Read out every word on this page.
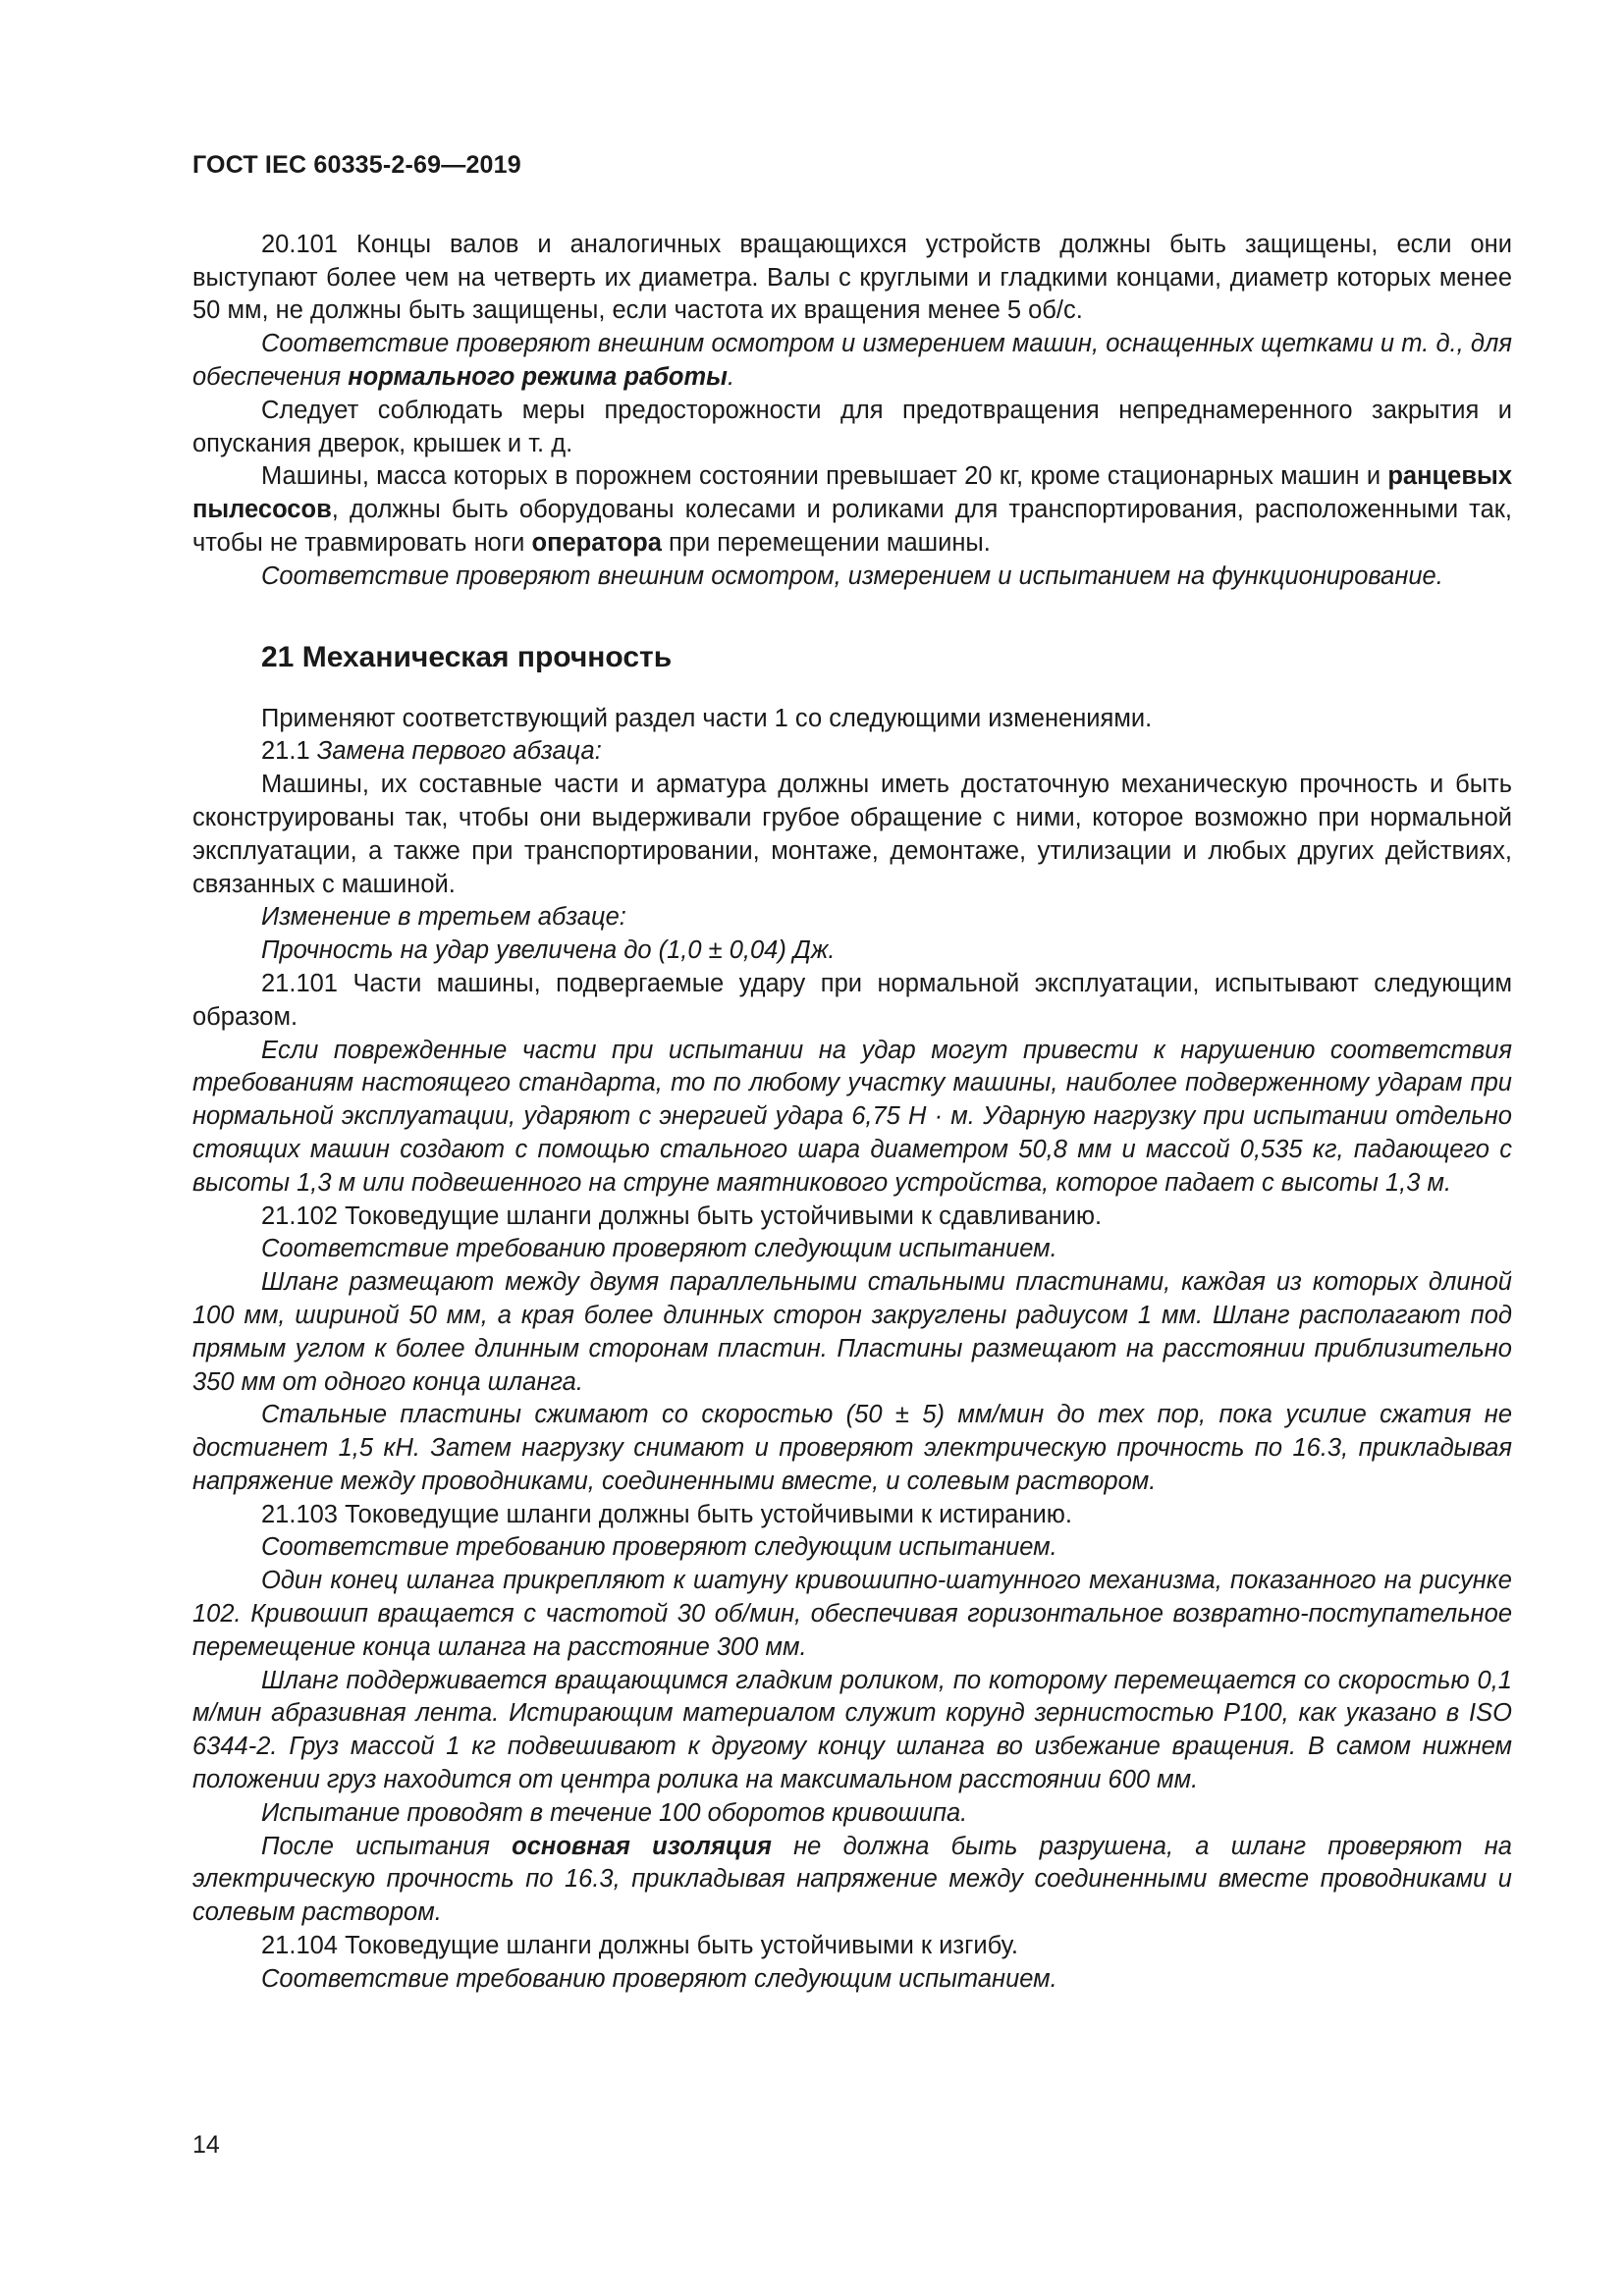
ГОСТ IEC 60335-2-69—2019

20.101 Концы валов и аналогичных вращающихся устройств должны быть защищены, если они выступают более чем на четверть их диаметра. Валы с круглыми и гладкими концами, диаметр которых менее 50 мм, не должны быть защищены, если частота их вращения менее 5 об/с.

Соответствие проверяют внешним осмотром и измерением машин, оснащенных щетками и т. д., для обеспечения нормального режима работы.

Следует соблюдать меры предосторожности для предотвращения непреднамеренного закрытия и опускания дверок, крышек и т. д.

Машины, масса которых в порожнем состоянии превышает 20 кг, кроме стационарных машин и ранцевых пылесосов, должны быть оборудованы колесами и роликами для транспортирования, расположенными так, чтобы не травмировать ноги оператора при перемещении машины.

Соответствие проверяют внешним осмотром, измерением и испытанием на функционирование.

21 Механическая прочность

Применяют соответствующий раздел части 1 со следующими изменениями.

21.1 Замена первого абзаца:

Машины, их составные части и арматура должны иметь достаточную механическую прочность и быть сконструированы так, чтобы они выдерживали грубое обращение с ними, которое возможно при нормальной эксплуатации, а также при транспортировании, монтаже, демонтаже, утилизации и любых других действиях, связанных с машиной.

Изменение в третьем абзаце:

Прочность на удар увеличена до (1,0 ± 0,04) Дж.

21.101 Части машины, подвергаемые удару при нормальной эксплуатации, испытывают следующим образом.

Если поврежденные части при испытании на удар могут привести к нарушению соответствия требованиям настоящего стандарта, то по любому участку машины, наиболее подверженному ударам при нормальной эксплуатации, ударяют с энергией удара 6,75 Н · м. Ударную нагрузку при испытании отдельно стоящих машин создают с помощью стального шара диаметром 50,8 мм и массой 0,535 кг, падающего с высоты 1,3 м или подвешенного на струне маятникового устройства, которое падает с высоты 1,3 м.

21.102 Токоведущие шланги должны быть устойчивыми к сдавливанию.

Соответствие требованию проверяют следующим испытанием.

Шланг размещают между двумя параллельными стальными пластинами, каждая из которых длиной 100 мм, шириной 50 мм, а края более длинных сторон закруглены радиусом 1 мм. Шланг располагают под прямым углом к более длинным сторонам пластин. Пластины размещают на расстоянии приблизительно 350 мм от одного конца шланга.

Стальные пластины сжимают со скоростью (50 ± 5) мм/мин до тех пор, пока усилие сжатия не достигнет 1,5 кН. Затем нагрузку снимают и проверяют электрическую прочность по 16.3, прикладывая напряжение между проводниками, соединенными вместе, и солевым раствором.

21.103 Токоведущие шланги должны быть устойчивыми к истиранию.

Соответствие требованию проверяют следующим испытанием.

Один конец шланга прикрепляют к шатуну кривошипно-шатунного механизма, показанного на рисунке 102. Кривошип вращается с частотой 30 об/мин, обеспечивая горизонтальное возвратно-поступательное перемещение конца шланга на расстояние 300 мм.

Шланг поддерживается вращающимся гладким роликом, по которому перемещается со скоростью 0,1 м/мин абразивная лента. Истирающим материалом служит корунд зернистостью Р100, как указано в ISO 6344-2. Груз массой 1 кг подвешивают к другому концу шланга во избежание вращения. В самом нижнем положении груз находится от центра ролика на максимальном расстоянии 600 мм.

Испытание проводят в течение 100 оборотов кривошипа.

После испытания основная изоляция не должна быть разрушена, а шланг проверяют на электрическую прочность по 16.3, прикладывая напряжение между соединенными вместе проводниками и солевым раствором.

21.104 Токоведущие шланги должны быть устойчивыми к изгибу.

Соответствие требованию проверяют следующим испытанием.

14
